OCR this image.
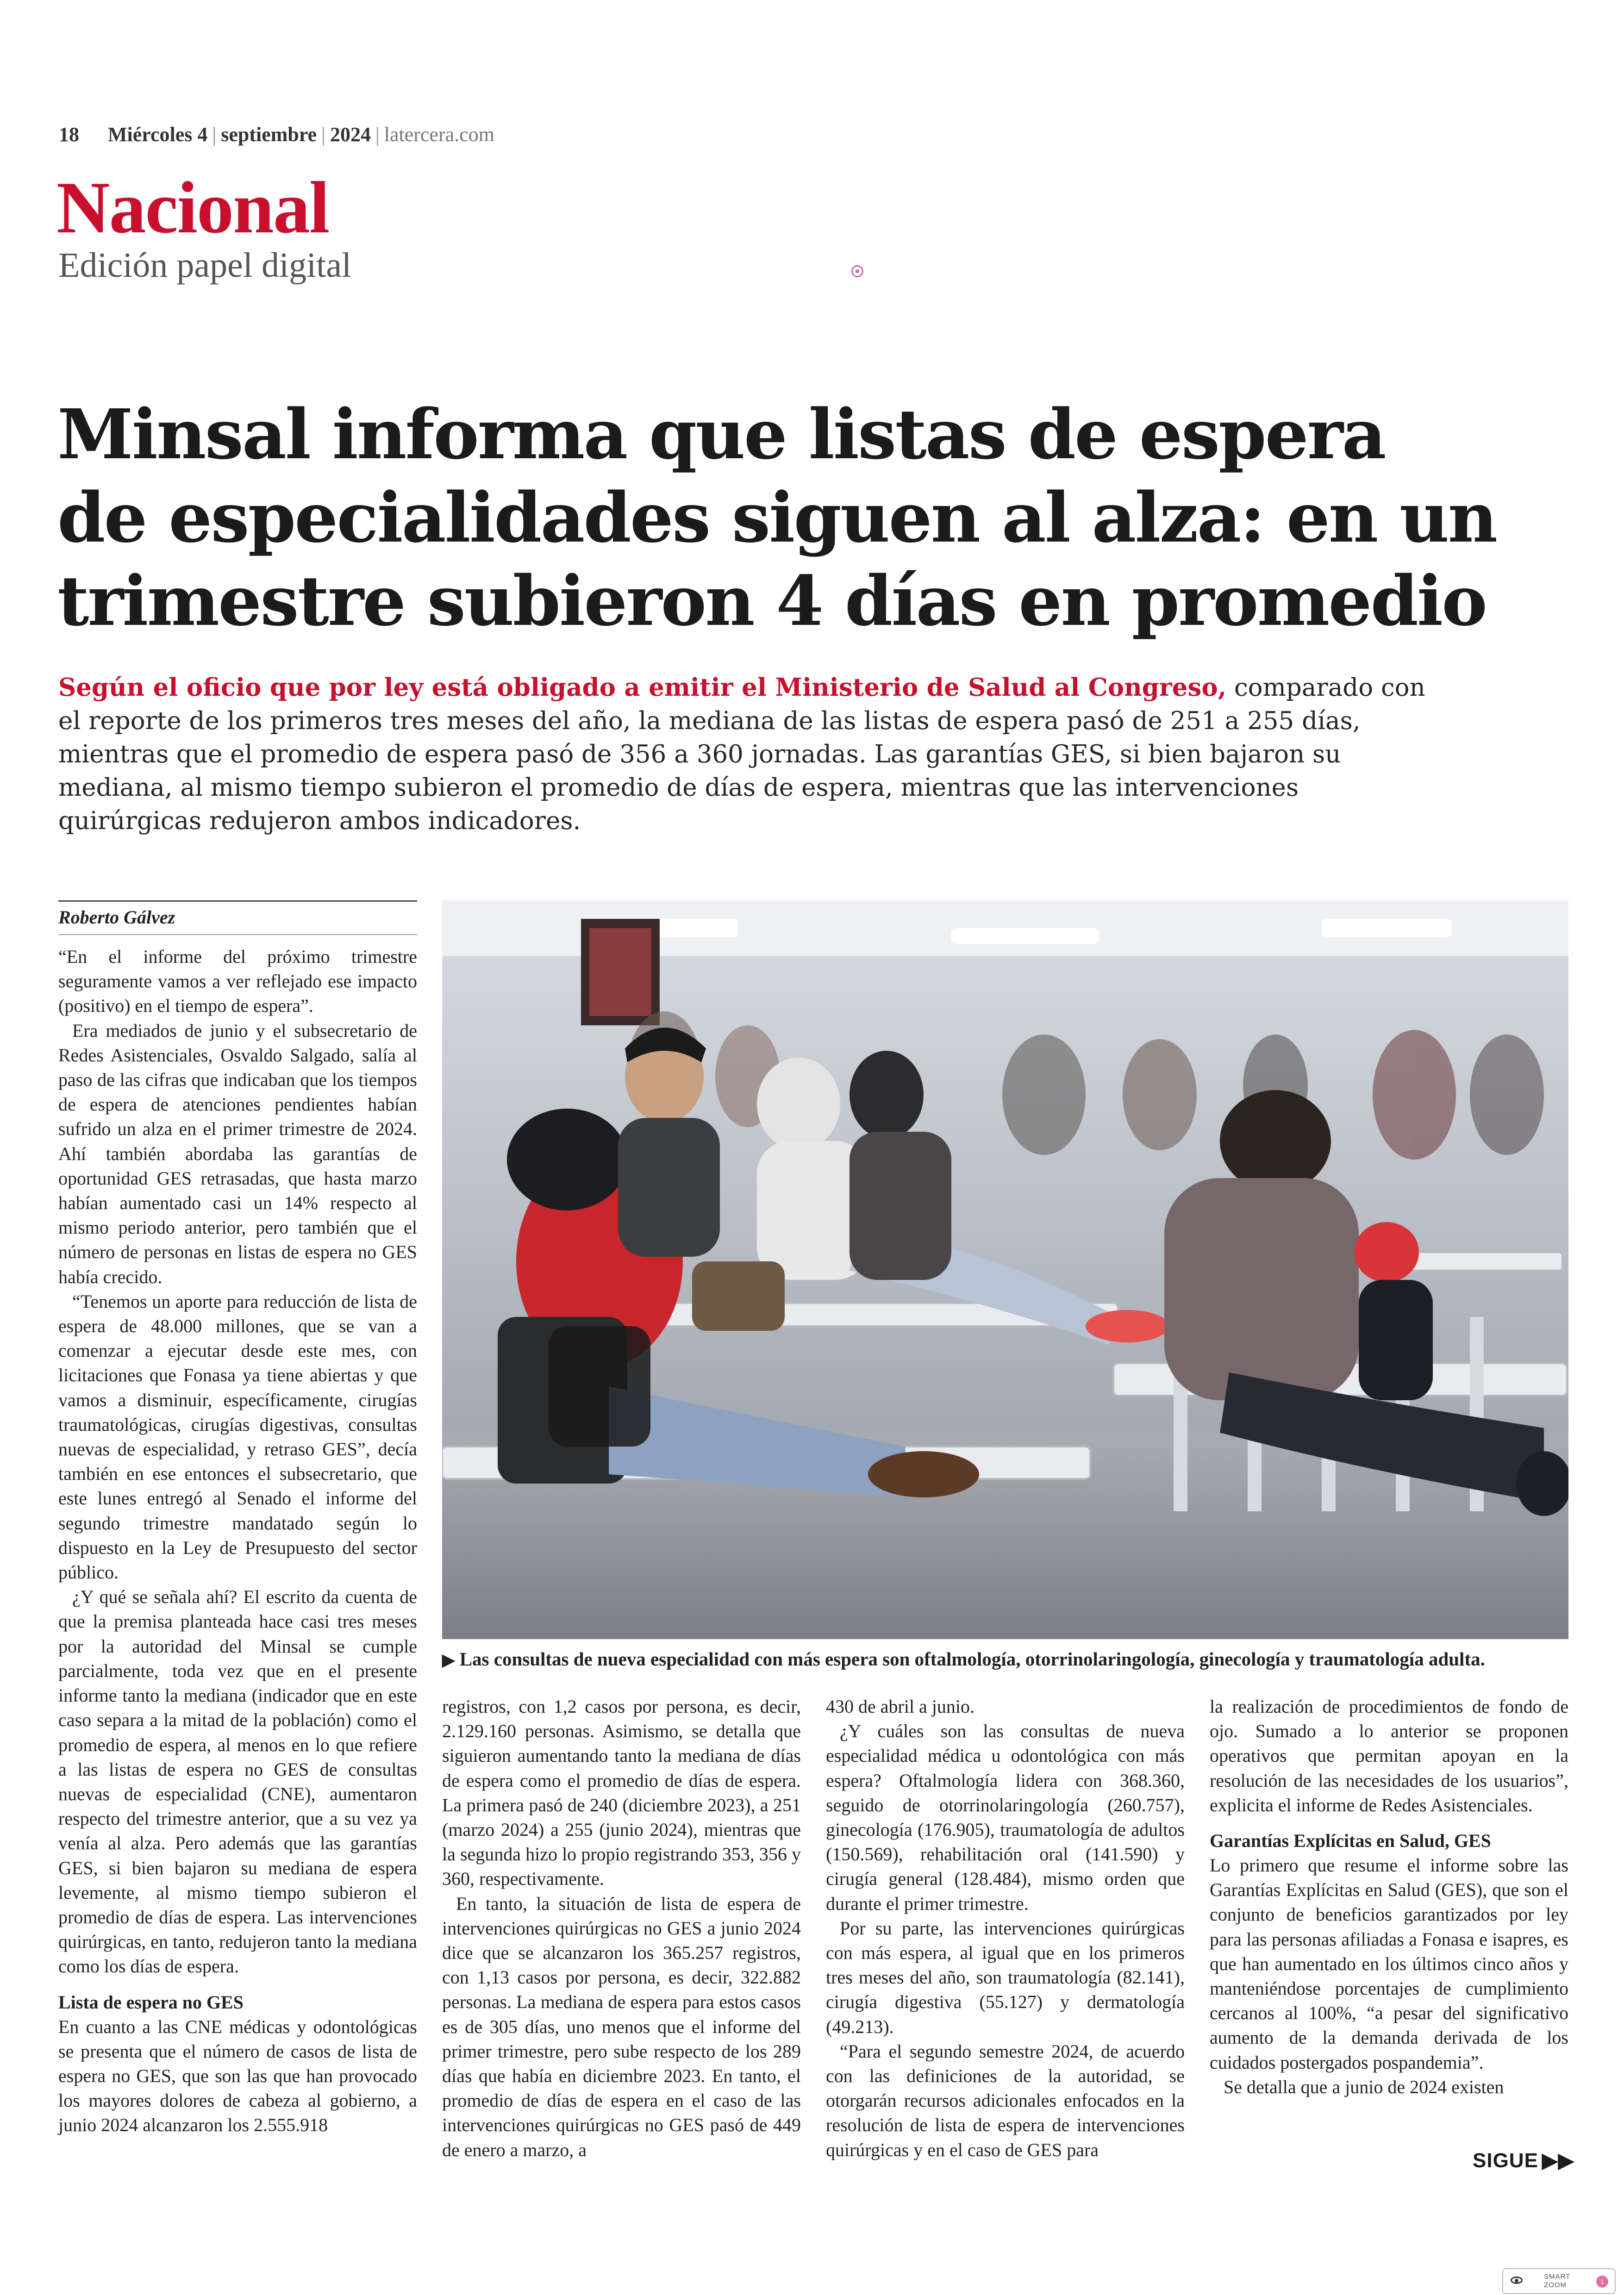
18 Miércoles 4 | septiembre | 2024 | latercera.com
Nacional
Edición papel digital
Minsal informa que listas de espera
de especialidades siguen al alza: en un
trimestre subieron 4 días en promedio
Según el oficio que por ley está obligado a emitir el Ministerio de Salud al Congreso, comparado con el reporte de los primeros tres meses del año, la mediana de las listas de espera pasó de 251 a 255 días, mientras que el promedio de espera pasó de 356 a 360 jornadas. Las garantías GES, si bien bajaron su mediana, al mismo tiempo subieron el promedio de días de espera, mientras que las intervenciones quirúrgicas redujeron ambos indicadores.
Roberto Gálvez
▶ Las consultas de nueva especialidad con más espera son oftalmología, otorrinolaringología, ginecología y traumatología adulta.

“En el informe del próximo trimestre seguramente vamos a ver reflejado ese impacto (positivo) en el tiempo de espera”.

Era mediados de junio y el subsecretario de Redes Asistenciales, Osvaldo Salgado, salía al paso de las cifras que indicaban que los tiempos de espera de atenciones pendientes habían sufrido un alza en el primer trimestre de 2024. Ahí también abordaba las garantías de oportunidad GES retrasadas, que hasta marzo habían aumentado casi un 14% respecto al mismo periodo anterior, pero también que el número de personas en listas de espera no GES había crecido.

“Tenemos un aporte para reducción de lista de espera de 48.000 millones, que se van a comenzar a ejecutar desde este mes, con licitaciones que Fonasa ya tiene abiertas y que vamos a disminuir, específicamente, cirugías traumatológicas, cirugías digestivas, consultas nuevas de especialidad, y retraso GES”, decía también en ese entonces el subsecretario, que este lunes entregó al Senado el informe del segundo trimestre mandatado según lo dispuesto en la Ley de Presupuesto del sector público.

¿Y qué se señala ahí? El escrito da cuenta de que la premisa planteada hace casi tres meses por la autoridad del Minsal se cumple parcialmente, toda vez que en el presente informe tanto la mediana (indicador que en este caso separa a la mitad de la población) como el promedio de espera, al menos en lo que refiere a las listas de espera no GES de consultas nuevas de especialidad (CNE), aumentaron respecto del trimestre anterior, que a su vez ya venía al alza. Pero además que las garantías GES, si bien bajaron su mediana de espera levemente, al mismo tiempo subieron el promedio de días de espera. Las intervenciones quirúrgicas, en tanto, redujeron tanto la mediana como los días de espera.

Lista de espera no GES

En cuanto a las CNE médicas y odontológicas se presenta que el número de casos de lista de espera no GES, que son las que han provocado los mayores dolores de cabeza al gobierno, a junio 2024 alcanzaron los 2.555.918

registros, con 1,2 casos por persona, es decir, 2.129.160 personas. Asimismo, se detalla que siguieron aumentando tanto la mediana de días de espera como el promedio de días de espera. La primera pasó de 240 (diciembre 2023), a 251 (marzo 2024) a 255 (junio 2024), mientras que la segunda hizo lo propio registrando 353, 356 y 360, respectivamente.

En tanto, la situación de lista de espera de intervenciones quirúrgicas no GES a junio 2024 dice que se alcanzaron los 365.257 registros, con 1,13 casos por persona, es decir, 322.882 personas. La mediana de espera para estos casos es de 305 días, uno menos que el informe del primer trimestre, pero sube respecto de los 289 días que había en diciembre 2023. En tanto, el promedio de días de espera en el caso de las intervenciones quirúrgicas no GES pasó de 449 de enero a marzo, a

430 de abril a junio.

¿Y cuáles son las consultas de nueva especialidad médica u odontológica con más espera? Oftalmología lidera con 368.360, seguido de otorrinolaringología (260.757), ginecología (176.905), traumatología de adultos (150.569), rehabilitación oral (141.590) y cirugía general (128.484), mismo orden que durante el primer trimestre.

Por su parte, las intervenciones quirúrgicas con más espera, al igual que en los primeros tres meses del año, son traumatología (82.141), cirugía digestiva (55.127) y dermatología (49.213).

“Para el segundo semestre 2024, de acuerdo con las definiciones de la autoridad, se otorgarán recursos adicionales enfocados en la resolución de lista de espera de intervenciones quirúrgicas y en el caso de GES para

la realización de procedimientos de fondo de ojo. Sumado a lo anterior se proponen operativos que permitan apoyan en la resolución de las necesidades de los usuarios”, explicita el informe de Redes Asistenciales.

Garantías Explícitas en Salud, GES

Lo primero que resume el informe sobre las Garantías Explícitas en Salud (GES), que son el conjunto de beneficios garantizados por ley para las personas afiliadas a Fonasa e isapres, es que han aumentado en los últimos cinco años y manteniéndose porcentajes de cumplimiento cercanos al 100%, “a pesar del significativo aumento de la demanda derivada de los cuidados postergados pospandemia”.

Se detalla que a junio de 2024 existen

SIGUE ▶▶
SMART
ZOOM	1
